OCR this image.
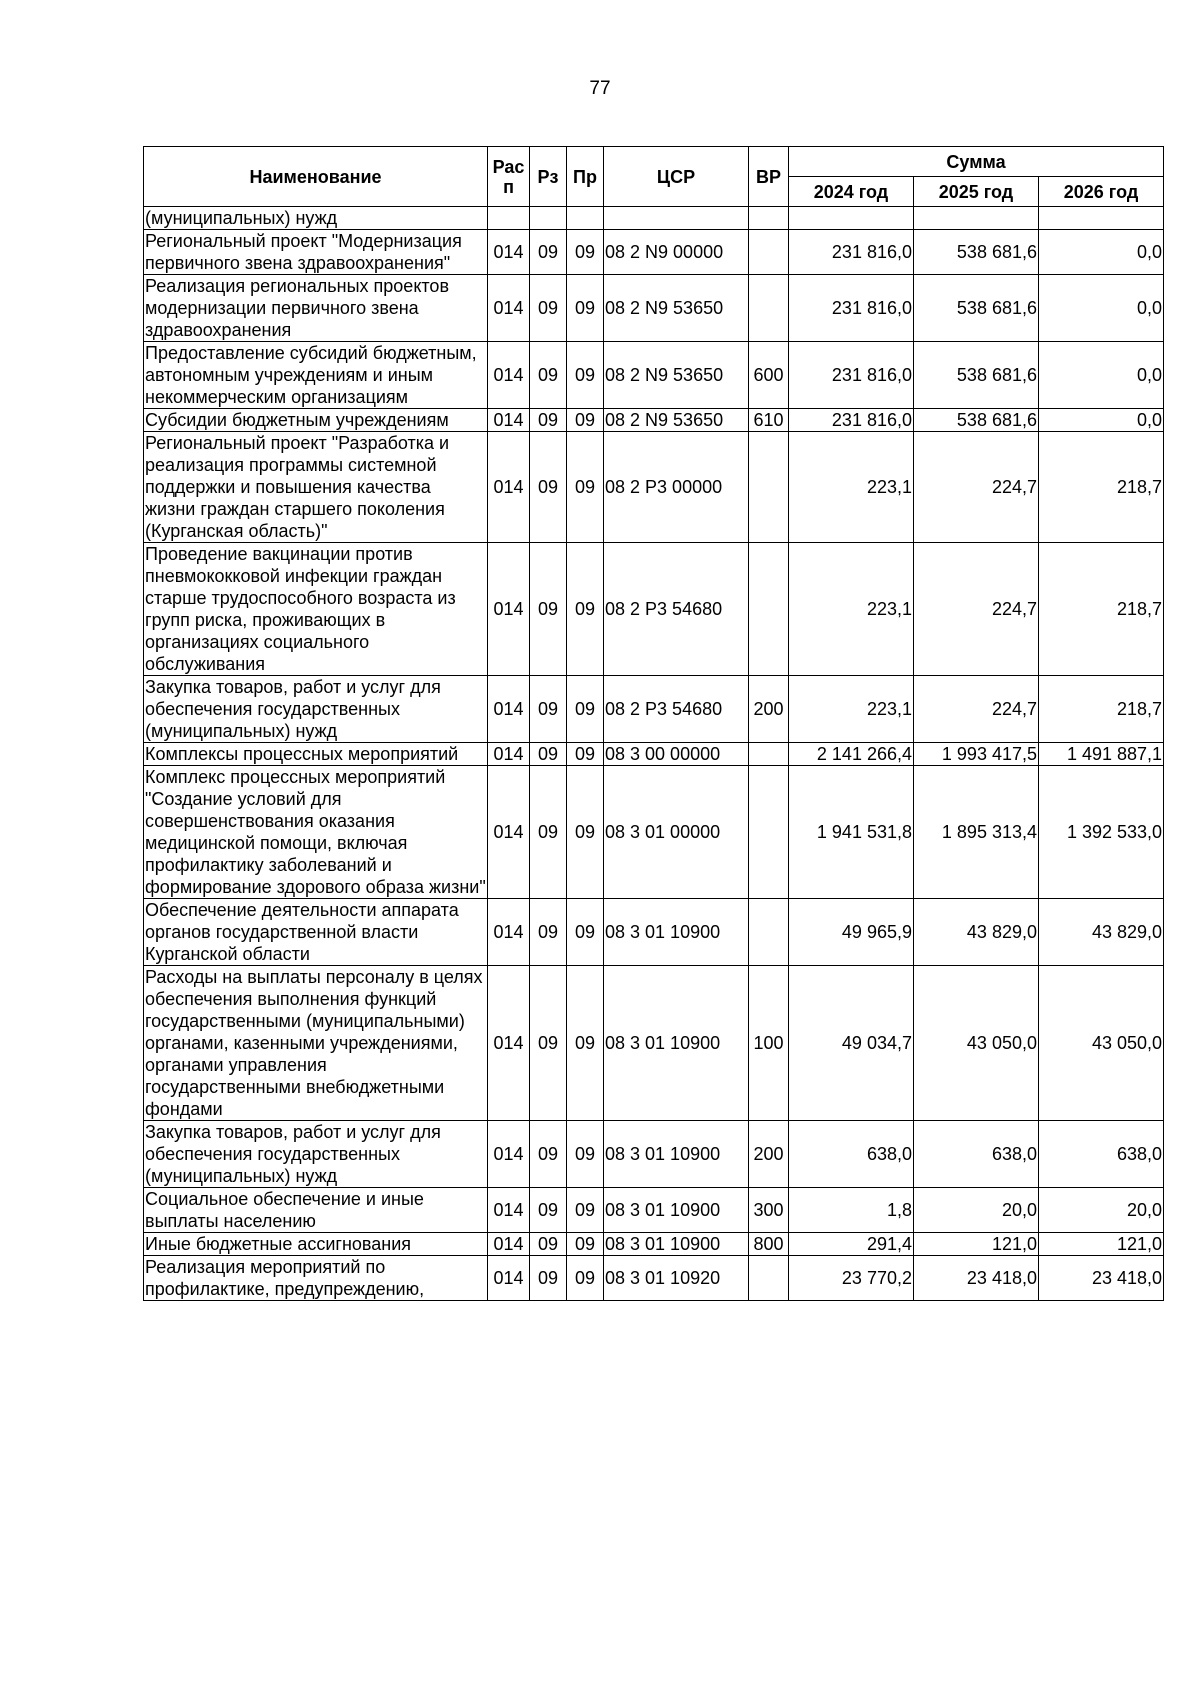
77
Наименование	Рас п	Рз	Пр	ЦСР	ВР	Сумма		
						2024 год	2025 год	2026 год
(муниципальных) нужд								
Региональный проект "Модернизация первичного звена здравоохранения"	014	09	09	08 2 N9 00000		231 816,0	538 681,6	0,0
Реализация региональных проектов модернизации первичного звена здравоохранения	014	09	09	08 2 N9 53650		231 816,0	538 681,6	0,0
Предоставление субсидий бюджетным, автономным учреждениям и иным некоммерческим организациям	014	09	09	08 2 N9 53650	600	231 816,0	538 681,6	0,0
Субсидии бюджетным учреждениям	014	09	09	08 2 N9 53650	610	231 816,0	538 681,6	0,0
Региональный проект "Разработка и реализация программы системной поддержки и повышения качества жизни граждан старшего поколения (Курганская область)"	014	09	09	08 2 P3 00000		223,1	224,7	218,7
Проведение вакцинации против пневмококковой инфекции граждан старше трудоспособного возраста из групп риска, проживающих в организациях социального обслуживания	014	09	09	08 2 P3 54680		223,1	224,7	218,7
Закупка товаров, работ и услуг для обеспечения государственных (муниципальных) нужд	014	09	09	08 2 P3 54680	200	223,1	224,7	218,7
Комплексы процессных мероприятий	014	09	09	08 3 00 00000		2 141 266,4	1 993 417,5	1 491 887,1
Комплекс процессных мероприятий "Создание условий для совершенствования оказания медицинской помощи, включая профилактику заболеваний и формирование здорового образа жизни"	014	09	09	08 3 01 00000		1 941 531,8	1 895 313,4	1 392 533,0
Обеспечение деятельности аппарата органов государственной власти Курганской области	014	09	09	08 3 01 10900		49 965,9	43 829,0	43 829,0
Расходы на выплаты персоналу в целях обеспечения выполнения функций государственными (муниципальными) органами, казенными учреждениями, органами управления государственными внебюджетными фондами	014	09	09	08 3 01 10900	100	49 034,7	43 050,0	43 050,0
Закупка товаров, работ и услуг для обеспечения государственных (муниципальных) нужд	014	09	09	08 3 01 10900	200	638,0	638,0	638,0
Социальное обеспечение и иные выплаты населению	014	09	09	08 3 01 10900	300	1,8	20,0	20,0
Иные бюджетные ассигнования	014	09	09	08 3 01 10900	800	291,4	121,0	121,0
Реализация мероприятий по профилактике, предупреждению,	014	09	09	08 3 01 10920		23 770,2	23 418,0	23 418,0
